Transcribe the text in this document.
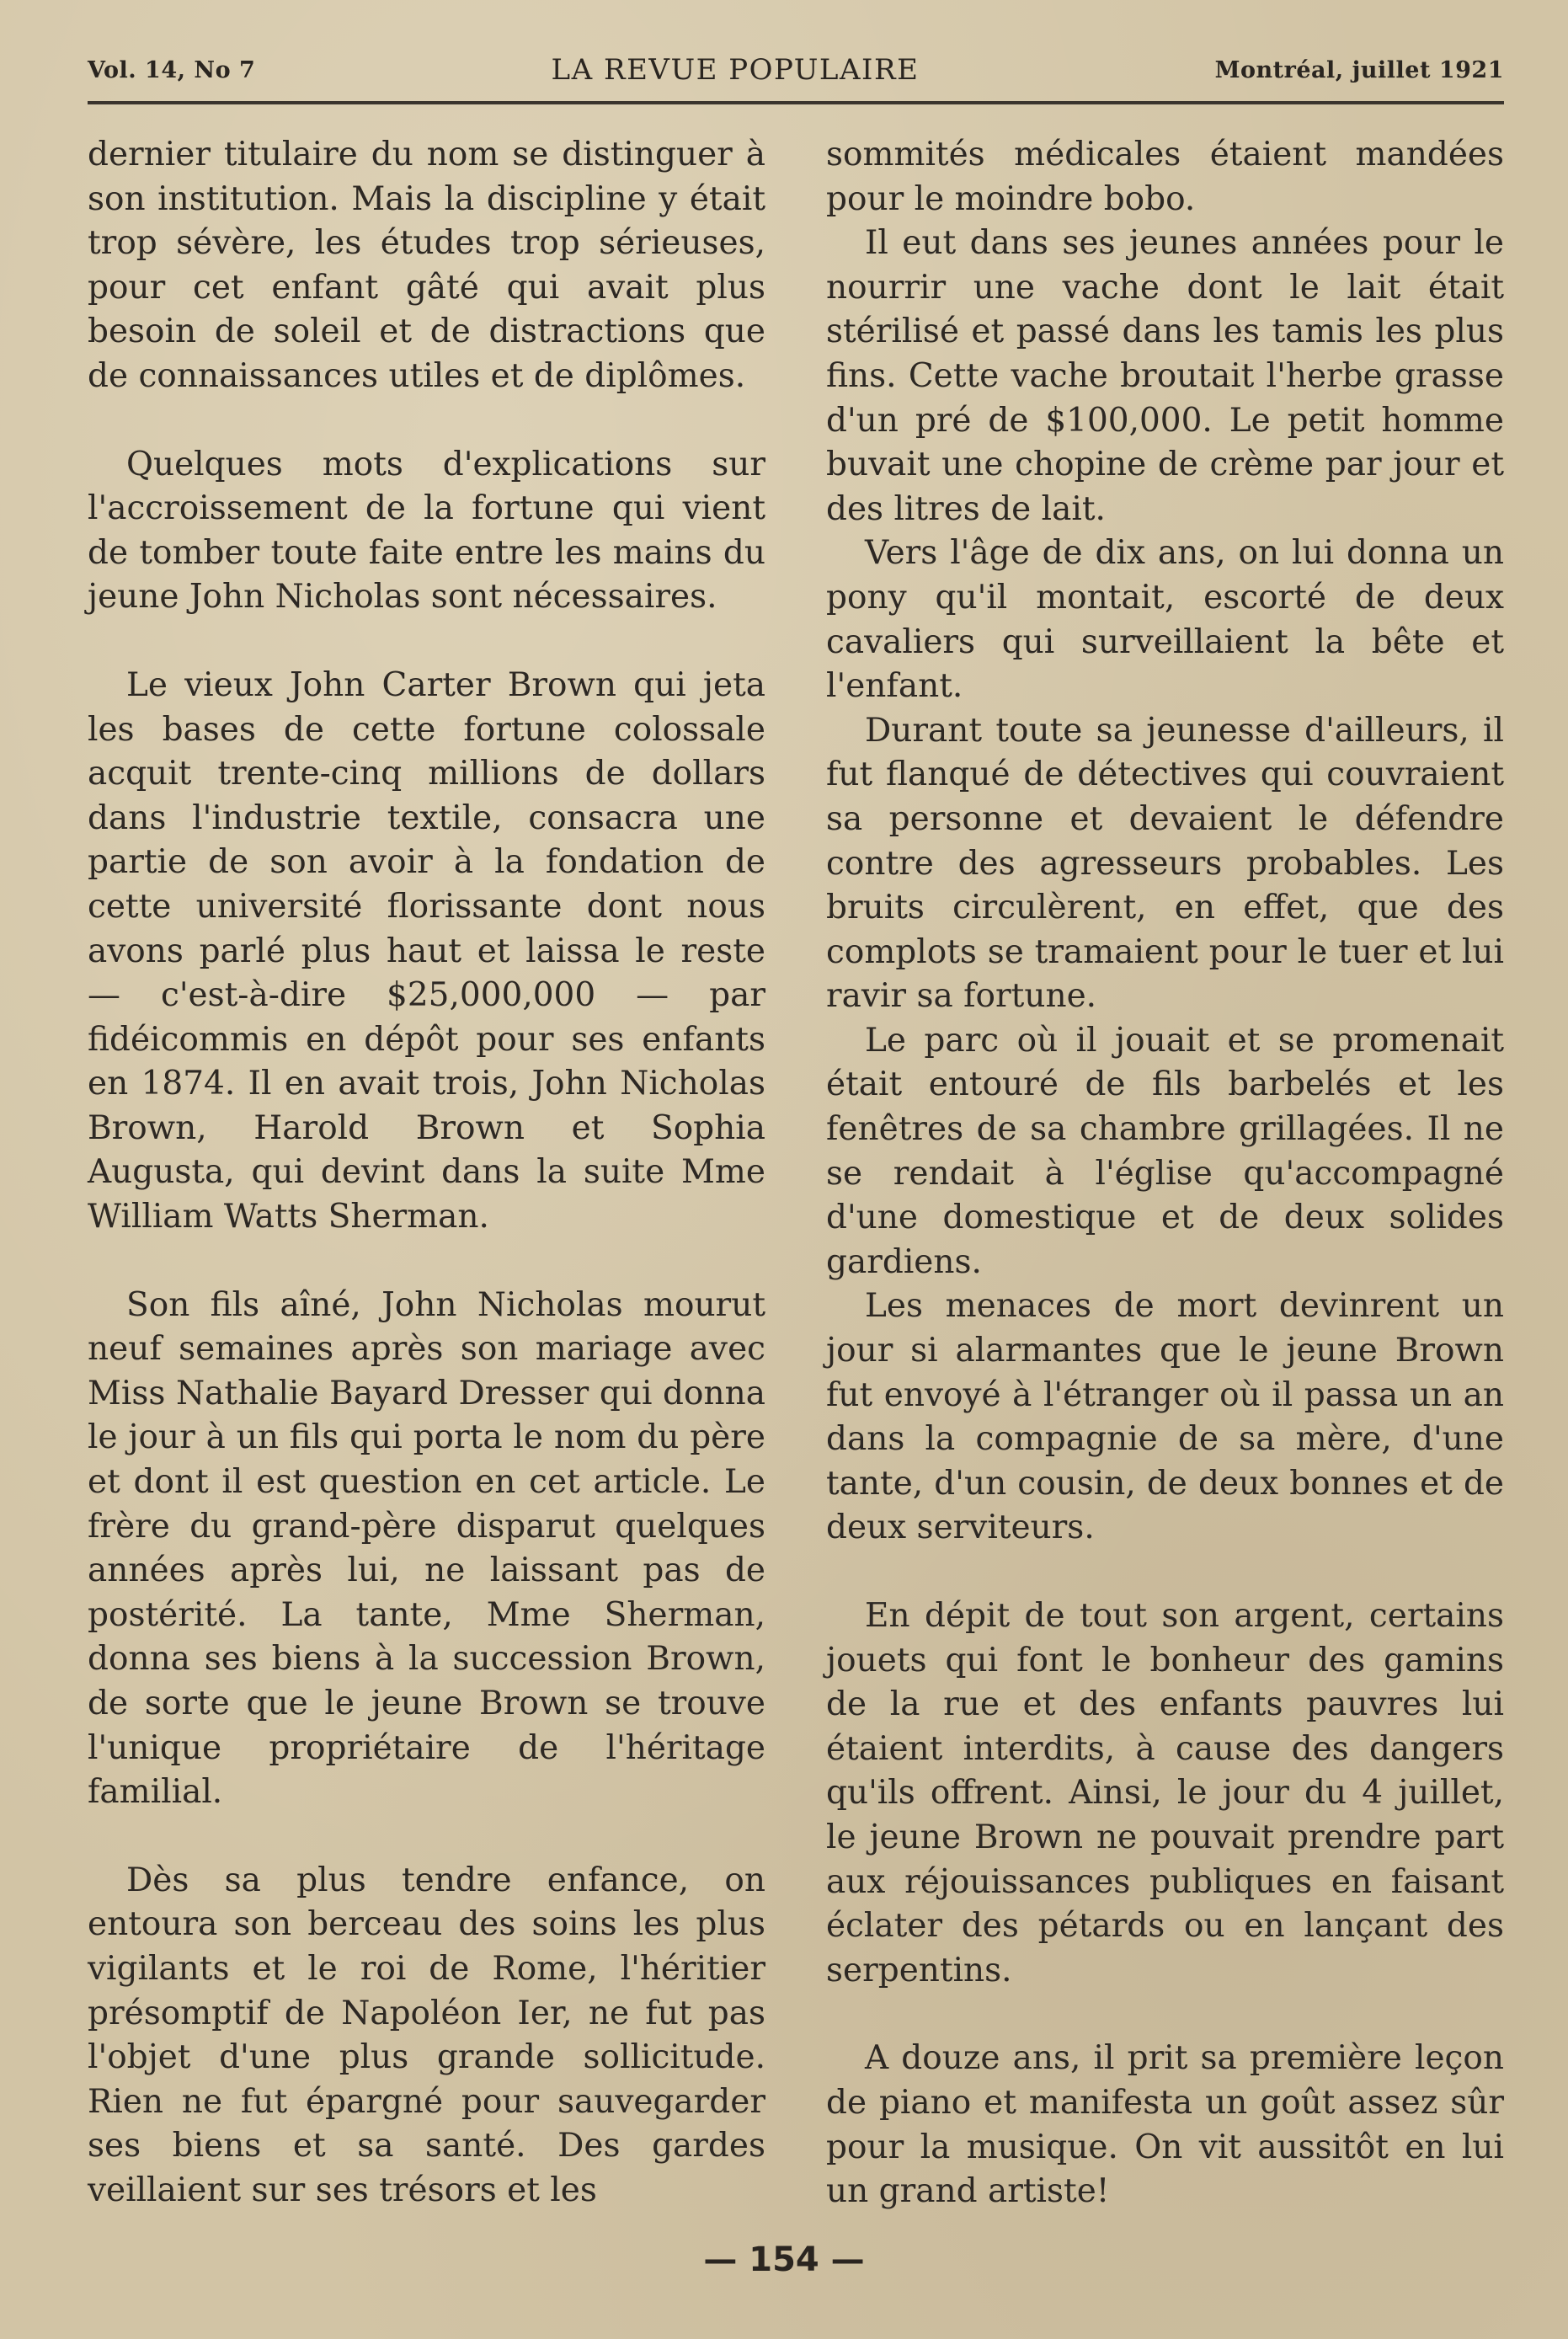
Vol. 14, No 7	LA REVUE POPULAIRE	Montréal, juillet 1921

dernier titulaire du nom se distinguer à son institution. Mais la discipline y était trop sévère, les études trop sérieuses, pour cet enfant gâté qui avait plus besoin de soleil et de distractions que de connaissances utiles et de diplômes.

Quelques mots d'explications sur l'accroissement de la fortune qui vient de tomber toute faite entre les mains du jeune John Nicholas sont nécessaires.

Le vieux John Carter Brown qui jeta les bases de cette fortune colossale acquit trente-cinq millions de dollars dans l'industrie textile, consacra une partie de son avoir à la fondation de cette université florissante dont nous avons parlé plus haut et laissa le reste — c'est-à-dire $25,000,000 — par fidéicommis en dépôt pour ses enfants en 1874. Il en avait trois, John Nicholas Brown, Harold Brown et Sophia Augusta, qui devint dans la suite Mme William Watts Sherman.

Son fils aîné, John Nicholas mourut neuf semaines après son mariage avec Miss Nathalie Bayard Dresser qui donna le jour à un fils qui porta le nom du père et dont il est question en cet article. Le frère du grand-père disparut quelques années après lui, ne laissant pas de postérité. La tante, Mme Sherman, donna ses biens à la succession Brown, de sorte que le jeune Brown se trouve l'unique propriétaire de l'héritage familial.

Dès sa plus tendre enfance, on entoura son berceau des soins les plus vigilants et le roi de Rome, l'héritier présomptif de Napoléon Ier, ne fut pas l'objet d'une plus grande sollicitude. Rien ne fut épargné pour sauvegarder ses biens et sa santé. Des gardes veillaient sur ses trésors et les

sommités médicales étaient mandées pour le moindre bobo.

Il eut dans ses jeunes années pour le nourrir une vache dont le lait était stérilisé et passé dans les tamis les plus fins. Cette vache broutait l'herbe grasse d'un pré de $100,000. Le petit homme buvait une chopine de crème par jour et des litres de lait.

Vers l'âge de dix ans, on lui donna un pony qu'il montait, escorté de deux cavaliers qui surveillaient la bête et l'enfant.

Durant toute sa jeunesse d'ailleurs, il fut flanqué de détectives qui couvraient sa personne et devaient le défendre contre des agresseurs probables. Les bruits circulèrent, en effet, que des complots se tramaient pour le tuer et lui ravir sa fortune.

Le parc où il jouait et se promenait était entouré de fils barbelés et les fenêtres de sa chambre grillagées. Il ne se rendait à l'église qu'accompagné d'une domestique et de deux solides gardiens.

Les menaces de mort devinrent un jour si alarmantes que le jeune Brown fut envoyé à l'étranger où il passa un an dans la compagnie de sa mère, d'une tante, d'un cousin, de deux bonnes et de deux serviteurs.

En dépit de tout son argent, certains jouets qui font le bonheur des gamins de la rue et des enfants pauvres lui étaient interdits, à cause des dangers qu'ils offrent. Ainsi, le jour du 4 juillet, le jeune Brown ne pouvait prendre part aux réjouissances publiques en faisant éclater des pétards ou en lançant des serpentins.

A douze ans, il prit sa première leçon de piano et manifesta un goût assez sûr pour la musique. On vit aussitôt en lui un grand artiste!

— 154 —
